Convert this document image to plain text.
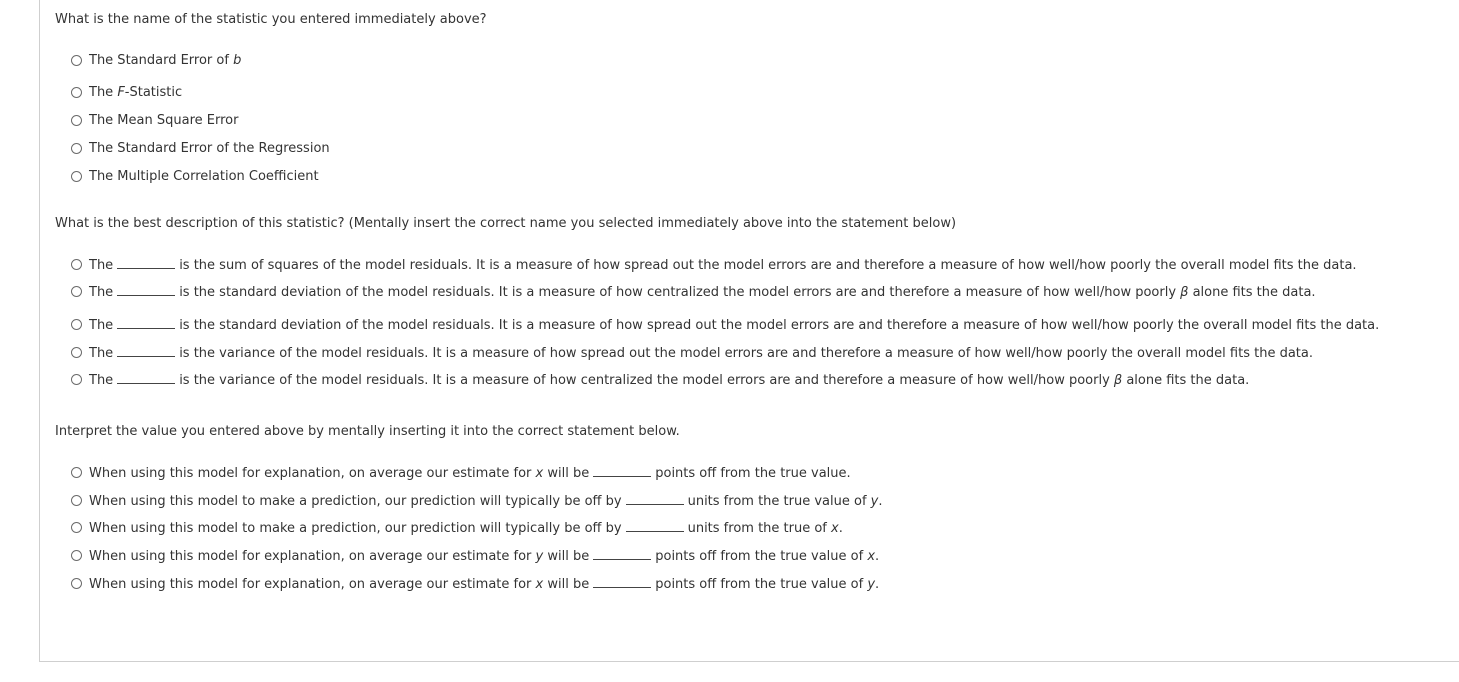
What is the name of the statistic you entered immediately above?

The Standard Error of b
The F-Statistic
The Mean Square Error
The Standard Error of the Regression
The Multiple Correlation Coefficient

What is the best description of this statistic? (Mentally insert the correct name you selected immediately above into the statement below)

The	is the sum of squares of the model residuals. It is a measure of how spread out the model errors are and therefore a measure of how well/how poorly the overall model fits the data.
The	is the standard deviation of the model residuals. It is a measure of how centralized the model errors are and therefore a measure of how well/how poorly β alone fits the data.
The	is the standard deviation of the model residuals. It is a measure of how spread out the model errors are and therefore a measure of how well/how poorly the overall model fits the data.
The	is the variance of the model residuals. It is a measure of how spread out the model errors are and therefore a measure of how well/how poorly the overall model fits the data.
The	is the variance of the model residuals. It is a measure of how centralized the model errors are and therefore a measure of how well/how poorly β alone fits the data.

Interpret the value you entered above by mentally inserting it into the correct statement below.

When using this model for explanation, on average our estimate for x will be	points off from the true value.
When using this model to make a prediction, our prediction will typically be off by	units from the true value of y.
When using this model to make a prediction, our prediction will typically be off by	units from the true of x.
When using this model for explanation, on average our estimate for y will be	points off from the true value of x.
When using this model for explanation, on average our estimate for x will be	points off from the true value of y.
